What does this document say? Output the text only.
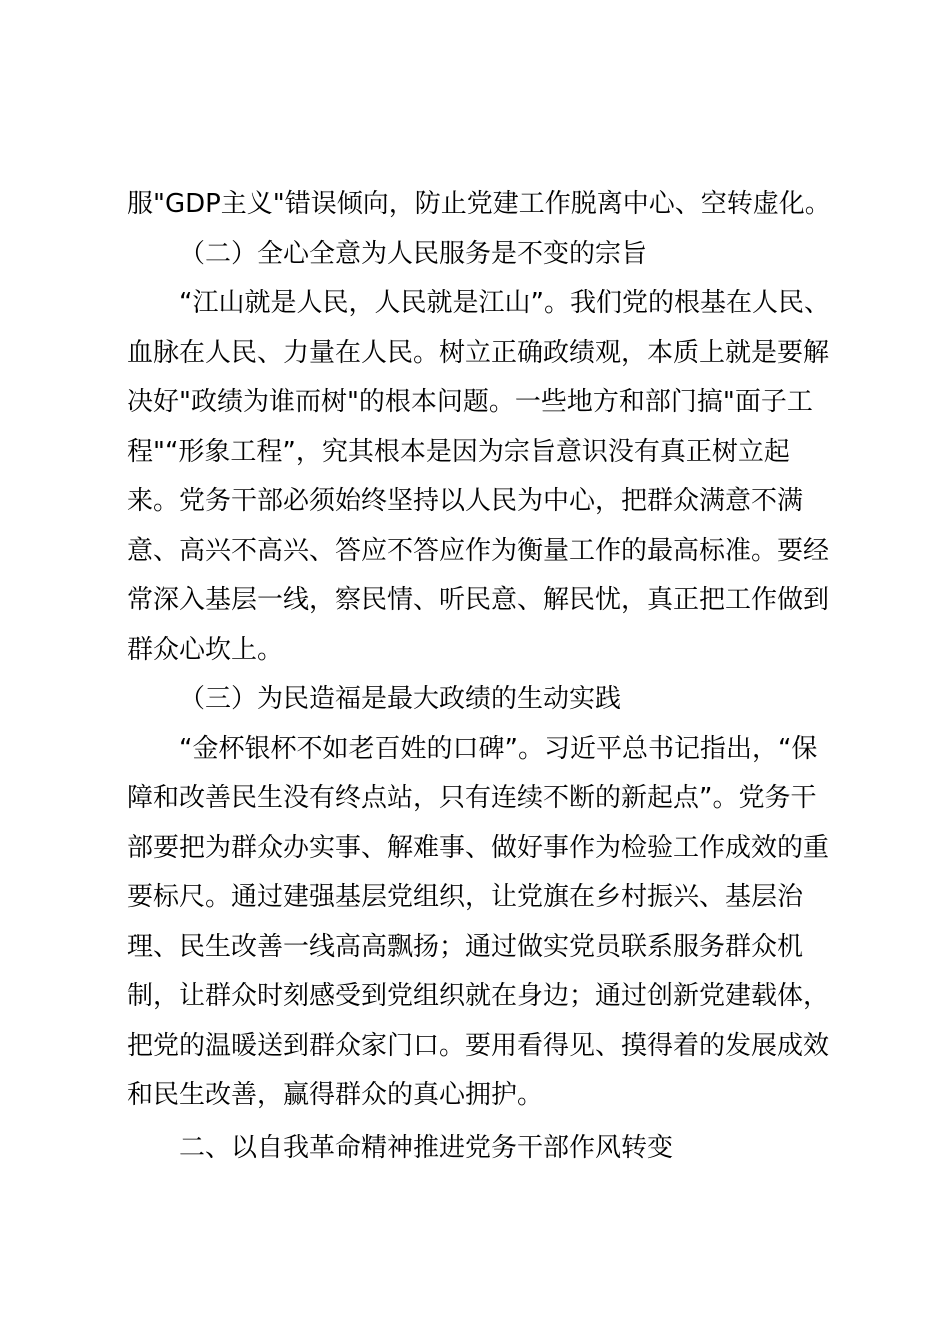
服"GDP主义"错误倾向，防止党建工作脱离中心、空转虚化。

（二）全心全意为人民服务是不变的宗旨

“江山就是人民，人民就是江山”。我们党的根基在人民、血脉在人民、力量在人民。树立正确政绩观，本质上就是要解决好"政绩为谁而树"的根本问题。一些地方和部门搞"面子工程"“形象工程”，究其根本是因为宗旨意识没有真正树立起来。党务干部必须始终坚持以人民为中心，把群众满意不满意、高兴不高兴、答应不答应作为衡量工作的最高标准。要经常深入基层一线，察民情、听民意、解民忧，真正把工作做到群众心坎上。

（三）为民造福是最大政绩的生动实践

“金杯银杯不如老百姓的口碑”。习近平总书记指出，“保障和改善民生没有终点站，只有连续不断的新起点”。党务干部要把为群众办实事、解难事、做好事作为检验工作成效的重要标尺。通过建强基层党组织，让党旗在乡村振兴、基层治理、民生改善一线高高飘扬；通过做实党员联系服务群众机制，让群众时刻感受到党组织就在身边；通过创新党建载体，把党的温暖送到群众家门口。要用看得见、摸得着的发展成效和民生改善，赢得群众的真心拥护。

二、以自我革命精神推进党务干部作风转变
